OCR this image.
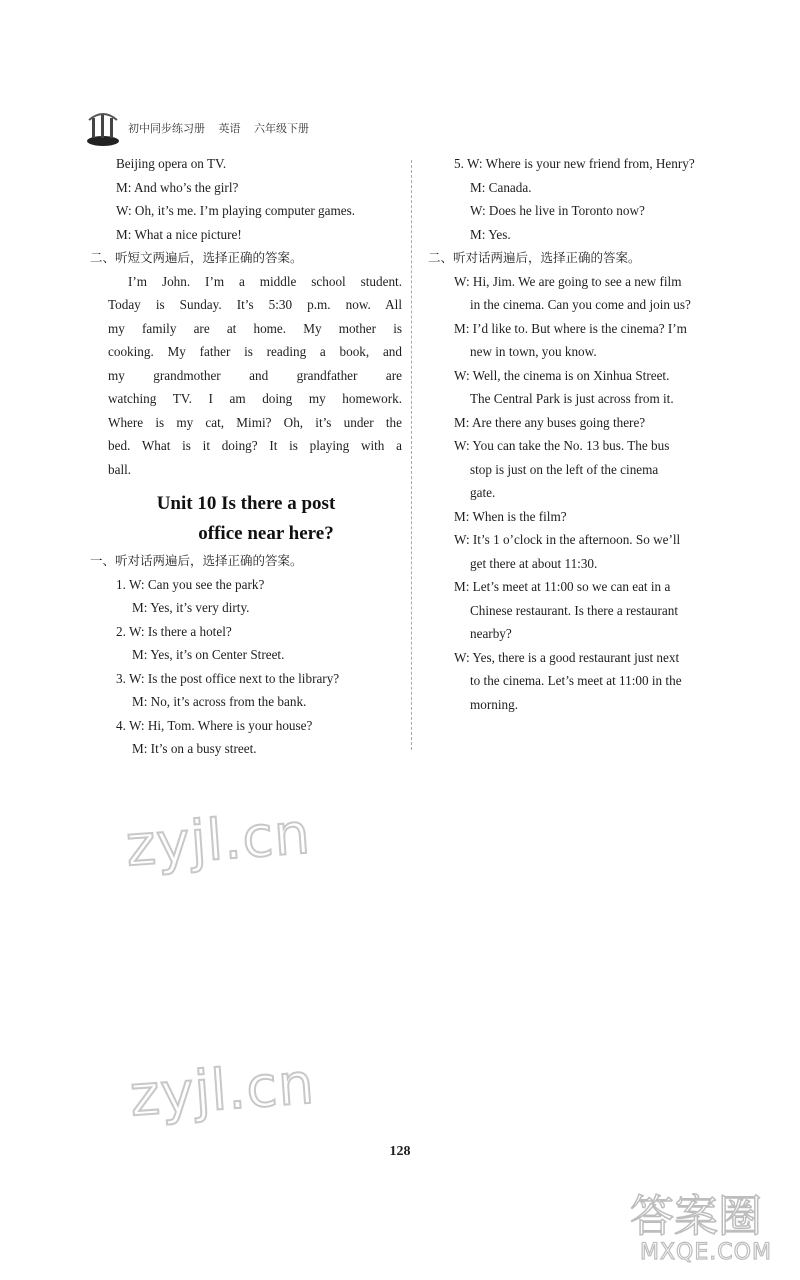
初中同步练习册 英语 六年级下册
Beijing opera on TV.
M: And who’s the girl?
W: Oh, it’s me. I’m playing computer games.
M: What a nice picture!
二、听短文两遍后，选择正确的答案。
I’m John. I’m a middle school student.
Today is Sunday. It’s 5:30 p.m. now. All
my family are at home. My mother is
cooking. My father is reading a book, and
my grandmother and grandfather are
watching TV. I am doing my homework.
Where is my cat, Mimi? Oh, it’s under the
bed. What is it doing? It is playing with a
ball.
Unit 10 Is there a post
office near here?
一、听对话两遍后，选择正确的答案。
1. W: Can you see the park?
M: Yes, it’s very dirty.
2. W: Is there a hotel?
M: Yes, it’s on Center Street.
3. W: Is the post office next to the library?
M: No, it’s across from the bank.
4. W: Hi, Tom. Where is your house?
M: It’s on a busy street.
5. W: Where is your new friend from, Henry?
M: Canada.
W: Does he live in Toronto now?
M: Yes.
二、听对话两遍后，选择正确的答案。
W: Hi, Jim. We are going to see a new film
in the cinema. Can you come and join us?
M: I’d like to. But where is the cinema? I’m
new in town, you know.
W: Well, the cinema is on Xinhua Street.
The Central Park is just across from it.
M: Are there any buses going there?
W: You can take the No. 13 bus. The bus
stop is just on the left of the cinema
gate.
M: When is the film?
W: It’s 1 o’clock in the afternoon. So we’ll
get there at about 11:30.
M: Let’s meet at 11:00 so we can eat in a
Chinese restaurant. Is there a restaurant
nearby?
W: Yes, there is a good restaurant just next
to the cinema. Let’s meet at 11:00 in the
morning.
128
zyjl.cn
zyjl.cn
答案圈
MXQE.COM
